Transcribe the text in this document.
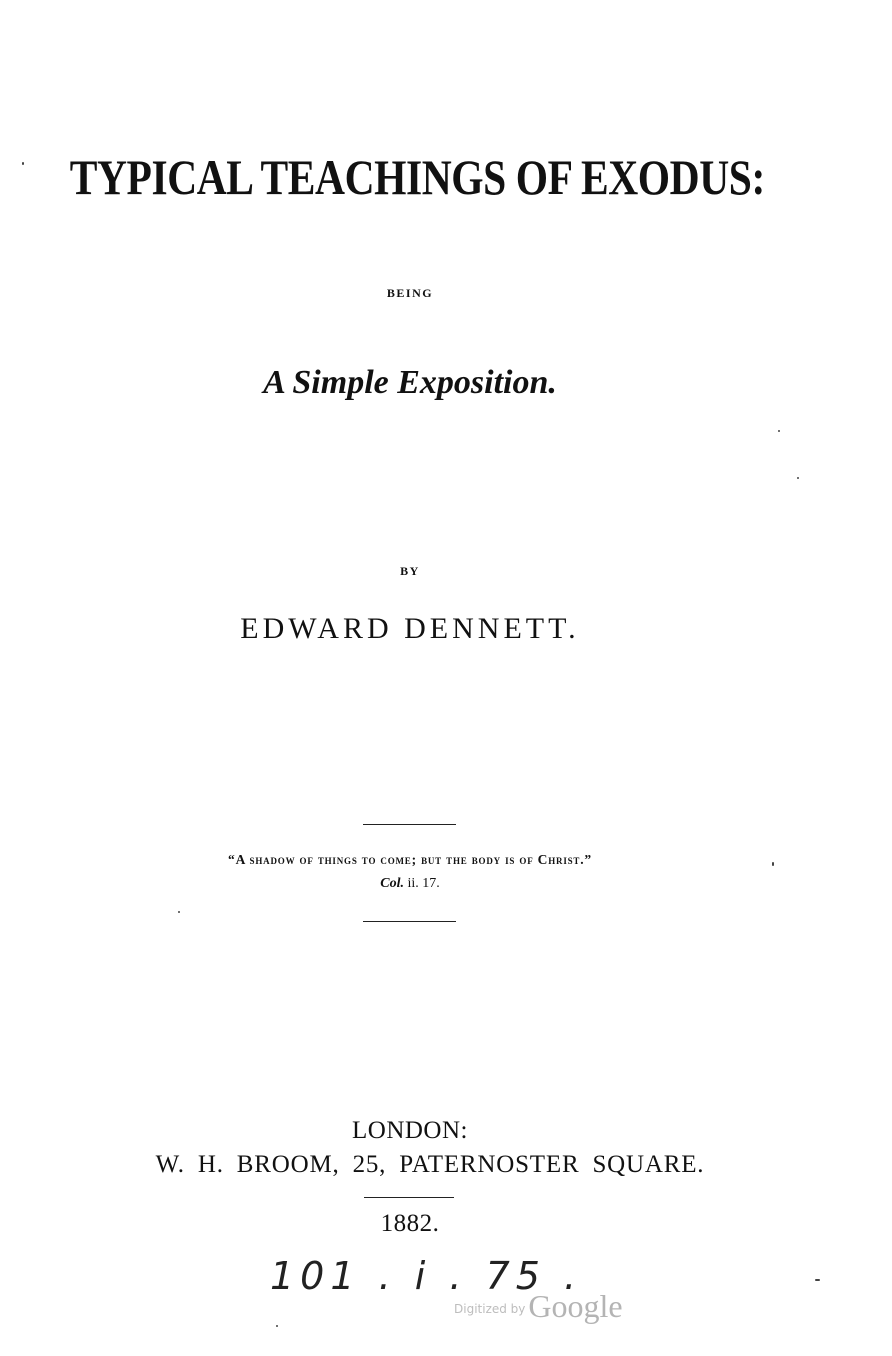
TYPICAL TEACHINGS OF EXODUS:
BEING
A Simple Exposition.
BY
EDWARD DENNETT.
“A shadow of things to come; but the body is of Christ.”
Col. ii. 17.
LONDON:
W. H. BROOM, 25, PATERNOSTER SQUARE.
1882.
101 . i . 75 .
$^{Digitized by}$Google
